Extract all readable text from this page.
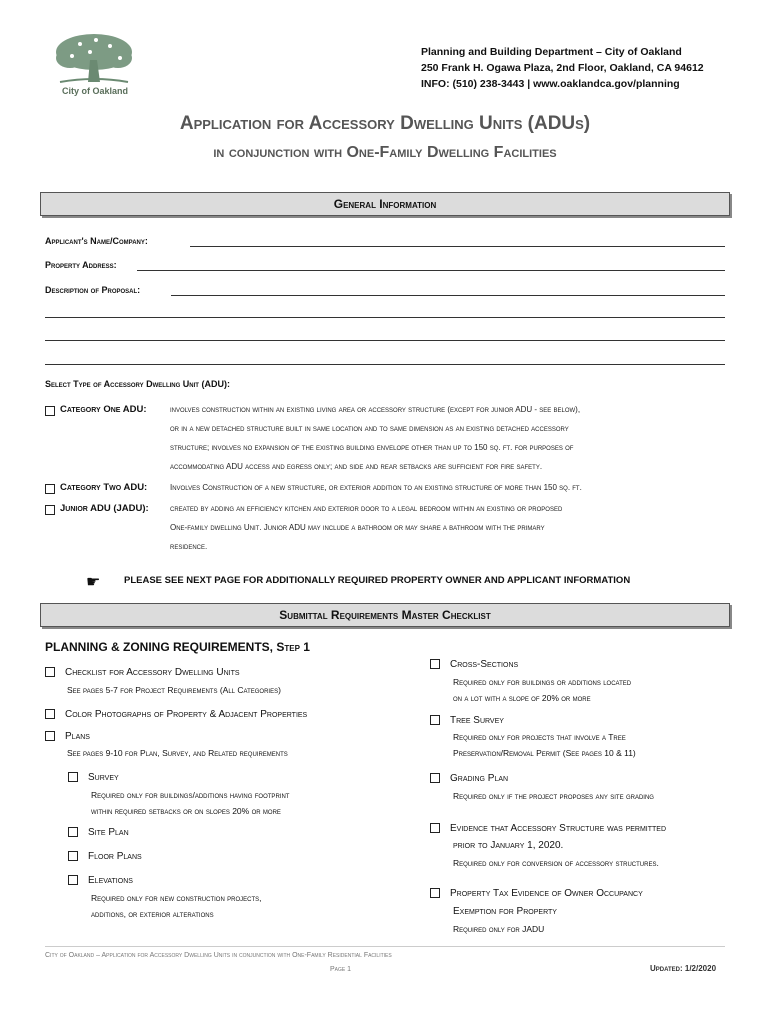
City of Oakland
Planning and Building Department – City of Oakland
250 Frank H. Ogawa Plaza, 2nd Floor, Oakland, CA 94612
INFO: (510) 238-3443 | www.oaklandca.gov/planning
Application for Accessory Dwelling Units (ADUs)
in conjunction with One-Family Dwelling Facilities
General Information
Applicant's Name/Company:
Property Address:
Description of Proposal:
Select Type of Accessory Dwelling Unit (ADU):
Category One ADU:	involves construction within an existing living area or accessory structure (except for junior ADU - see below),
or in a new detached structure built in same location and to same dimension as an existing detached accessory
structure; involves no expansion of the existing building envelope other than up to 150 sq. ft. for purposes of
accommodating ADU access and egress only; and side and rear setbacks are sufficient for fire safety.
Category Two ADU:	Involves Construction of a new structure, or exterior addition to an existing structure of more than 150 sq. ft.
Junior ADU (JADU):	created by adding an efficiency kitchen and exterior door to a legal bedroom within an existing or proposed
One-family dwelling Unit. Junior ADU may include a bathroom or may share a bathroom with the primary
residence.
☛ PLEASE SEE NEXT PAGE FOR ADDITIONALLY REQUIRED PROPERTY OWNER AND APPLICANT INFORMATION
Submittal Requirements Master Checklist
PLANNING & ZONING REQUIREMENTS, Step 1
Checklist for Accessory Dwelling Units
See pages 5-7 for Project Requirements (All Categories)
Color Photographs of Property & Adjacent Properties
Plans
See pages 9-10 for Plan, Survey, and Related requirements
Survey
Required only for buildings/additions having footprint
within required setbacks or on slopes 20% or more
Site Plan
Floor Plans
Elevations
Required only for new construction projects,
additions, or exterior alterations
Cross-Sections
Required only for buildings or additions located
on a lot with a slope of 20% or more
Tree Survey
Required only for projects that involve a Tree
Preservation/Removal Permit (See pages 10 & 11)
Grading Plan
Required only if the project proposes any site grading
Evidence that Accessory Structure was permitted
prior to January 1, 2020.
Required only for conversion of accessory structures.
Property Tax Evidence of Owner Occupancy
Exemption for Property
Required only for JADU
City of Oakland – Application for Accessory Dwelling Units in conjunction with One-Family Residential Facilities
Page 1	Updated: 1/2/2020
